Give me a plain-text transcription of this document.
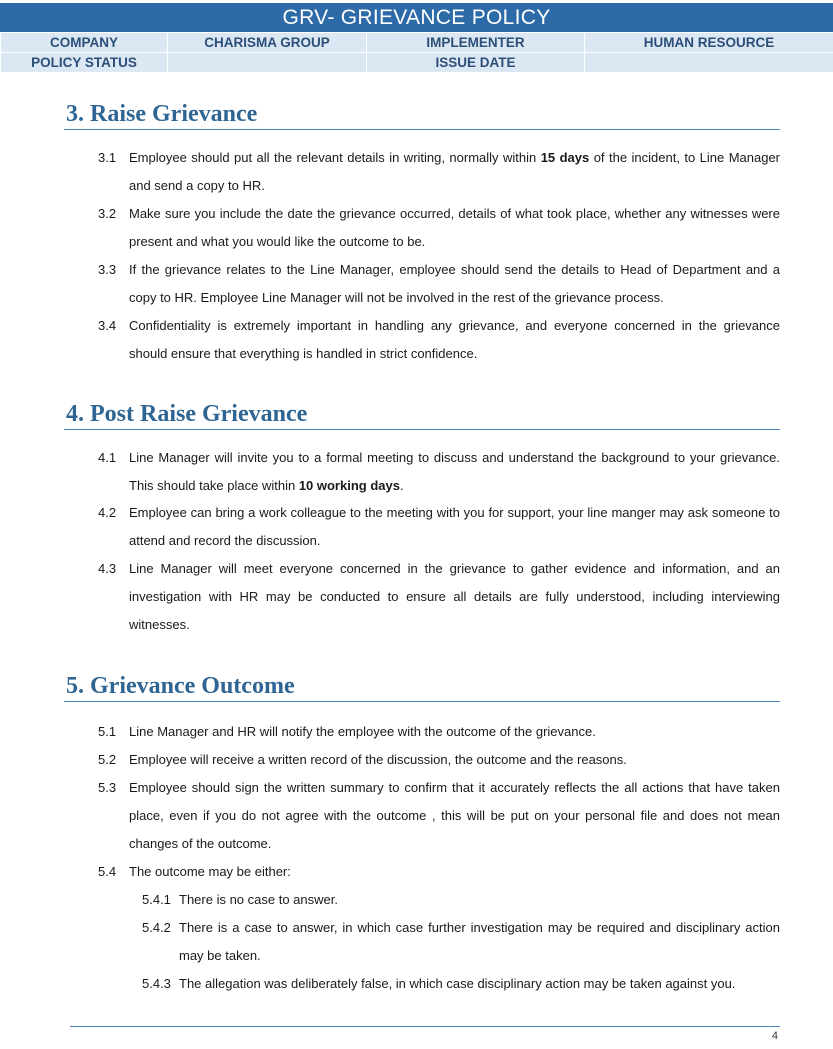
GRV- GRIEVANCE POLICY
COMPANY	CHARISMA GROUP	IMPLEMENTER	HUMAN RESOURCE
POLICY STATUS		ISSUE DATE	
3. Raise Grievance
3.1 Employee should put all the relevant details in writing, normally within 15 days of the incident, to Line Manager and send a copy to HR.
3.2 Make sure you include the date the grievance occurred, details of what took place, whether any witnesses were present and what you would like the outcome to be.
3.3 If the grievance relates to the Line Manager, employee should send the details to Head of Department and a copy to HR. Employee Line Manager will not be involved in the rest of the grievance process.
3.4 Confidentiality is extremely important in handling any grievance, and everyone concerned in the grievance should ensure that everything is handled in strict confidence.
4. Post Raise Grievance
4.1 Line Manager will invite you to a formal meeting to discuss and understand the background to your grievance. This should take place within 10 working days.
4.2 Employee can bring a work colleague to the meeting with you for support, your line manger may ask someone to attend and record the discussion.
4.3 Line Manager will meet everyone concerned in the grievance to gather evidence and information, and an investigation with HR may be conducted to ensure all details are fully understood, including interviewing witnesses.
5. Grievance Outcome
5.1 Line Manager and HR will notify the employee with the outcome of the grievance.
5.2 Employee will receive a written record of the discussion, the outcome and the reasons.
5.3 Employee should sign the written summary to confirm that it accurately reflects the all actions that have taken place, even if you do not agree with the outcome , this will be put on your personal file and does not mean changes of the outcome.
5.4 The outcome may be either:
5.4.1 There is no case to answer.
5.4.2 There is a case to answer, in which case further investigation may be required and disciplinary action may be taken.
5.4.3 The allegation was deliberately false, in which case disciplinary action may be taken against you.
4
